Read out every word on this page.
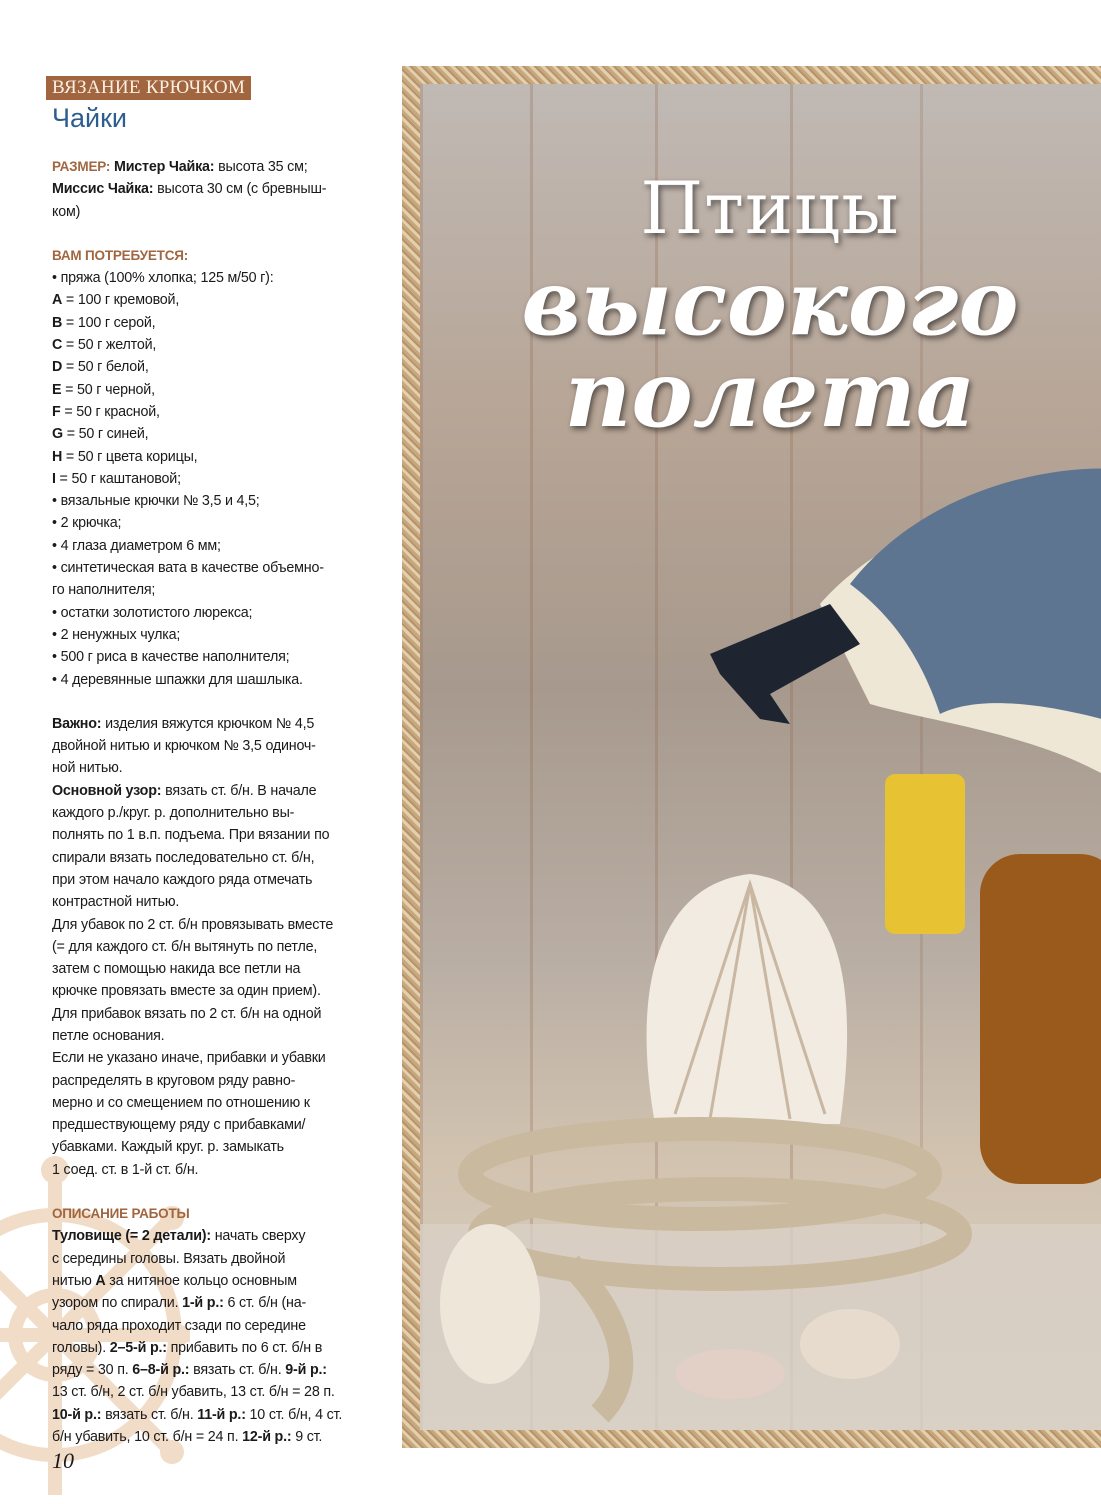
ВЯЗАНИЕ КРЮЧКОМ
Чайки

РАЗМЕР: Мистер Чайка: высота 35 см;

Миссис Чайка: высота 30 см (с бревныш-

ком)

ВАМ ПОТРЕБУЕТСЯ:

• пряжа (100% хлопка; 125 м/50 г):

A = 100 г кремовой,

B = 100 г серой,

C = 50 г желтой,

D = 50 г белой,

E = 50 г черной,

F = 50 г красной,

G = 50 г синей,

H = 50 г цвета корицы,

I = 50 г каштановой;

• вязальные крючки № 3,5 и 4,5;

• 2 крючка;

• 4 глаза диаметром 6 мм;

• синтетическая вата в качестве объемно-

го наполнителя;

• остатки золотистого люрекса;

• 2 ненужных чулка;

• 500 г риса в качестве наполнителя;

• 4 деревянные шпажки для шашлыка.

Важно: изделия вяжутся крючком № 4,5

двойной нитью и крючком № 3,5 одиноч-

ной нитью.

Основной узор: вязать ст. б/н. В начале

каждого р./круг. р. дополнительно вы-

полнять по 1 в.п. подъема. При вязании по

спирали вязать последовательно ст. б/н,

при этом начало каждого ряда отмечать

контрастной нитью.

Для убавок по 2 ст. б/н провязывать вместе

(= для каждого ст. б/н вытянуть по петле,

затем с помощью накида все петли на

крючке провязать вместе за один прием).

Для прибавок вязать по 2 ст. б/н на одной

петле основания.

Если не указано иначе, прибавки и убавки

распределять в круговом ряду равно-

мерно и со смещением по отношению к

предшествующему ряду с прибавками/

убавками. Каждый круг. р. замыкать

1 соед. ст. в 1-й ст. б/н.

ОПИСАНИЕ РАБОТЫ

Туловище (= 2 детали): начать сверху

с середины головы. Вязать двойной

нитью A за нитяное кольцо основным

узором по спирали. 1-й р.: 6 ст. б/н (на-

чало ряда проходит сзади по середине

головы). 2–5-й р.: прибавить по 6 ст. б/н в

ряду = 30 п. 6–8-й р.: вязать ст. б/н. 9-й р.:

13 ст. б/н, 2 ст. б/н убавить, 13 ст. б/н = 28 п.

10-й р.: вязать ст. б/н. 11-й р.: 10 ст. б/н, 4 ст.

б/н убавить, 10 ст. б/н = 24 п. 12-й р.: 9 ст.

10
Птицы
высокого
полета
